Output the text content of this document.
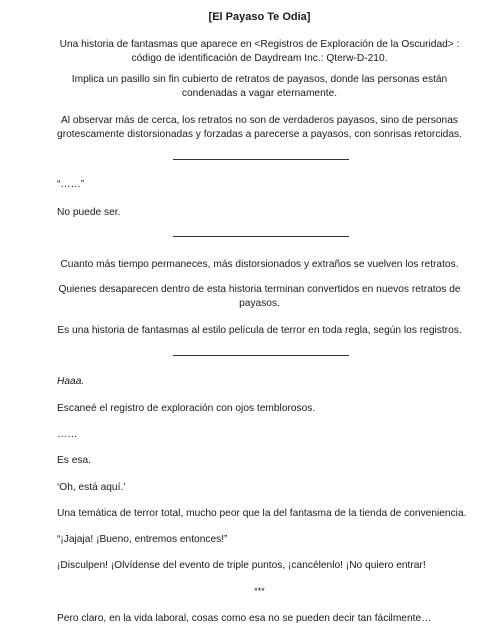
[El Payaso Te Odia]

Una historia de fantasmas que aparece en <Registros de Exploración de la Oscuridad> : código de identificación de Daydream Inc.: Qterw-D-210.

Implica un pasillo sin fin cubierto de retratos de payasos, donde las personas están condenadas a vagar eternamente.

Al observar más de cerca, los retratos no son de verdaderos payasos, sino de personas grotescamente distorsionadas y forzadas a parecerse a payasos, con sonrisas retorcidas.

“……”

No puede ser.

Cuanto más tiempo permaneces, más distorsionados y extraños se vuelven los retratos.

Quienes desaparecen dentro de esta historia terminan convertidos en nuevos retratos de payasos.

Es una historia de fantasmas al estilo película de terror en toda regla, según los registros.

Haaa.

Escaneé el registro de exploración con ojos temblorosos.

……

Es esa.

‘Oh, está aquí.’

Una temática de terror total, mucho peor que la del fantasma de la tienda de conveniencia.

“¡Jajaja! ¡Bueno, entremos entonces!”

¡Disculpen! ¡Olvídense del evento de triple puntos, ¡cancélenlo! ¡No quiero entrar!

***

Pero claro, en la vida laboral, cosas como esa no se pueden decir tan fácilmente…
